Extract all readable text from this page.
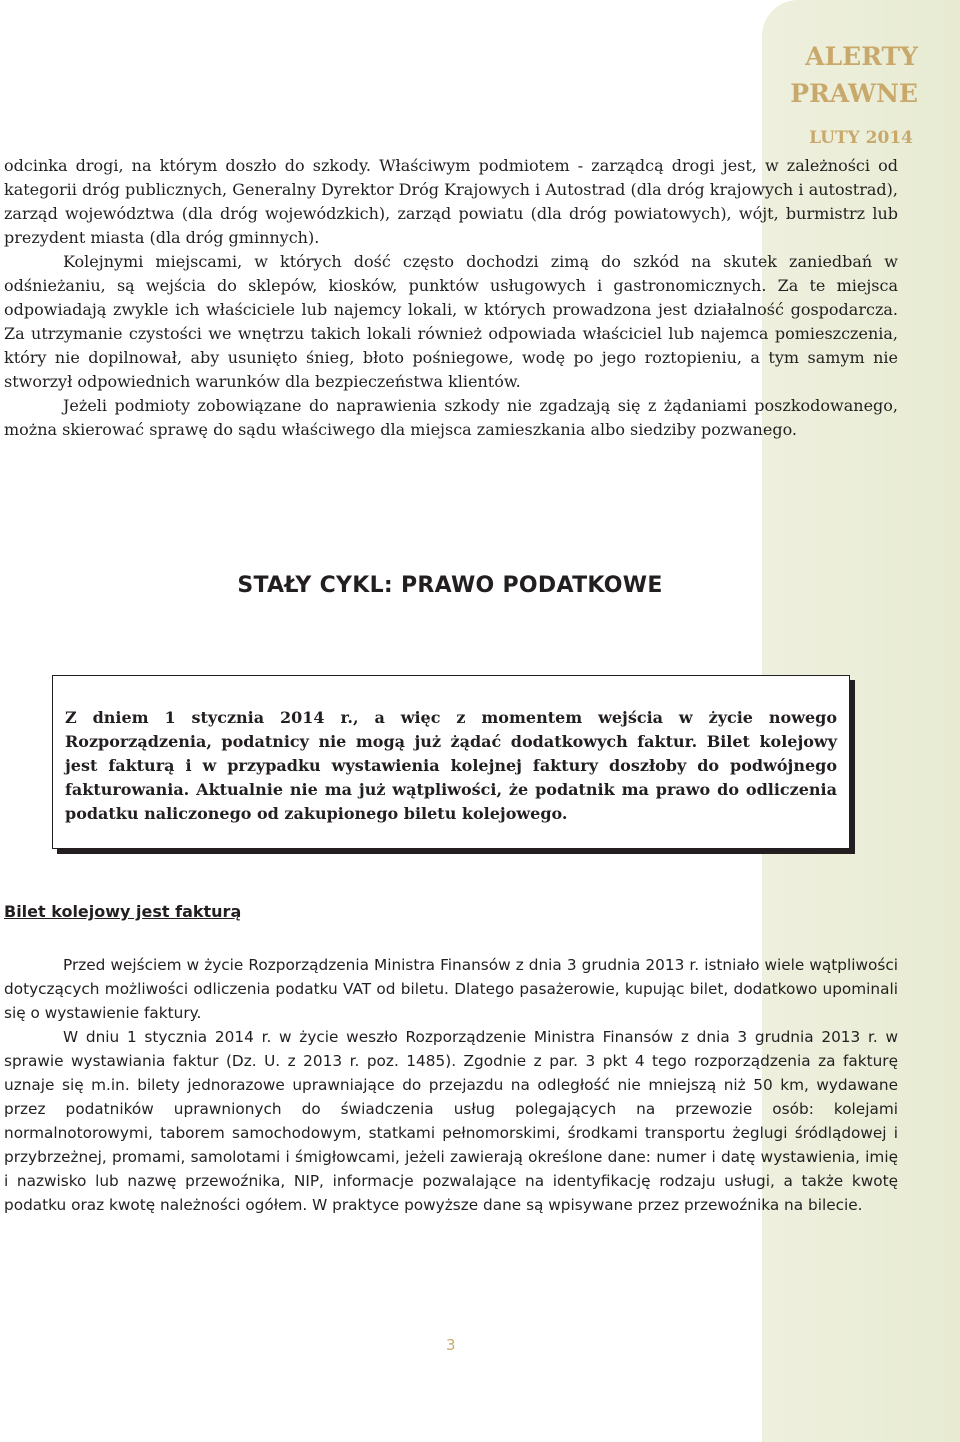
ALERTY
PRAWNE
LUTY 2014

odcinka drogi, na którym doszło do szkody. Właściwym podmiotem - zarządcą drogi jest, w zależności od kategorii dróg publicznych, Generalny Dyrektor Dróg Krajowych i Autostrad (dla dróg krajowych i autostrad), zarząd województwa (dla dróg wojewódzkich), zarząd powiatu (dla dróg powiatowych), wójt, burmistrz lub prezydent miasta (dla dróg gminnych).

Kolejnymi miejscami, w których dość często dochodzi zimą do szkód na skutek zaniedbań w odśnieżaniu, są wejścia do sklepów, kiosków, punktów usługowych i gastronomicznych. Za te miejsca odpowiadają zwykle ich właściciele lub najemcy lokali, w których prowadzona jest działalność gospodarcza. Za utrzymanie czystości we wnętrzu takich lokali również odpowiada właściciel lub najemca pomieszczenia, który nie dopilnował, aby usunięto śnieg, błoto pośniegowe, wodę po jego roztopieniu, a tym samym nie stworzył odpowiednich warunków dla bezpieczeństwa klientów.

Jeżeli podmioty zobowiązane do naprawienia szkody nie zgadzają się z żądaniami poszkodowanego, można skierować sprawę do sądu właściwego dla miejsca zamieszkania albo siedziby pozwanego.

STAŁY CYKL: PRAWO PODATKOWE
Z dniem 1 stycznia 2014 r., a więc z momentem wejścia w życie nowego Rozporządzenia, podatnicy nie mogą już żądać dodatkowych faktur. Bilet kolejowy jest fakturą i w przypadku wystawienia kolejnej faktury doszłoby do podwójnego fakturowania. Aktualnie nie ma już wątpliwości, że podatnik ma prawo do odliczenia podatku naliczonego od zakupionego biletu kolejowego.
Bilet kolejowy jest fakturą

Przed wejściem w życie Rozporządzenia Ministra Finansów z dnia 3 grudnia 2013 r. istniało wiele wątpliwości dotyczących możliwości odliczenia podatku VAT od biletu. Dlatego pasażerowie, kupując bilet, dodatkowo upominali się o wystawienie faktury.

W dniu 1 stycznia 2014 r. w życie weszło Rozporządzenie Ministra Finansów z dnia 3 grudnia 2013 r. w sprawie wystawiania faktur (Dz. U. z 2013 r. poz. 1485). Zgodnie z par. 3 pkt 4 tego rozporządzenia za fakturę uznaje się m.in. bilety jednorazowe uprawniające do przejazdu na odległość nie mniejszą niż 50 km, wydawane przez podatników uprawnionych do świadczenia usług polegających na przewozie osób: kolejami normalnotorowymi, taborem samochodowym, statkami pełnomorskimi, środkami transportu żeglugi śródlądowej i przybrzeżnej, promami, samolotami i śmigłowcami, jeżeli zawierają określone dane: numer i datę wystawienia, imię i nazwisko lub nazwę przewoźnika, NIP, informacje pozwalające na identyfikację rodzaju usługi, a także kwotę podatku oraz kwotę należności ogółem. W praktyce powyższe dane są wpisywane przez przewoźnika na bilecie.

3
